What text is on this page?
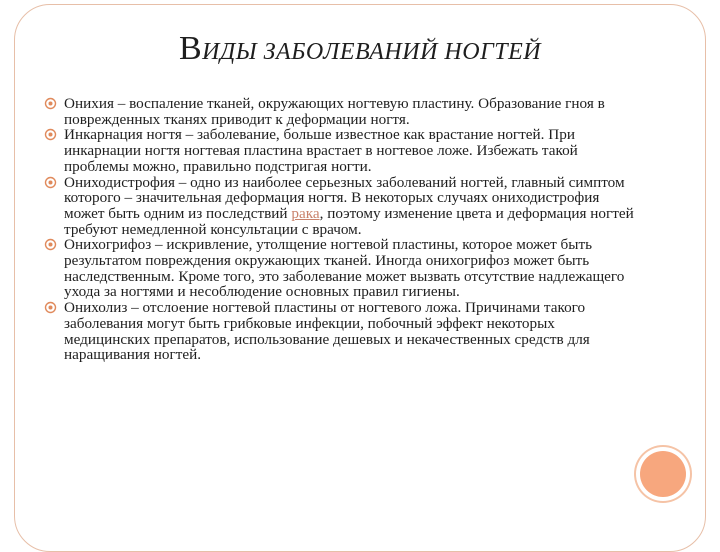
ВИДЫ ЗАБОЛЕВАНИЙ НОГТЕЙ
Онихия – воспаление тканей, окружающих ногтевую пластину. Образование гноя в поврежденных тканях приводит к деформации ногтя.
Инкарнация ногтя – заболевание, больше известное как врастание ногтей. При инкарнации ногтя ногтевая пластина врастает в ногтевое ложе. Избежать такой проблемы можно, правильно подстригая ногти.
Ониходистрофия – одно из наиболее серьезных заболеваний ногтей, главный симптом которого – значительная деформация ногтя. В некоторых случаях ониходистрофия может быть одним из последствий рака, поэтому изменение цвета и деформация ногтей требуют немедленной консультации с врачом.
Онихогрифоз – искривление, утолщение ногтевой пластины, которое может быть результатом повреждения окружающих тканей. Иногда онихогрифоз может быть наследственным. Кроме того, это заболевание может вызвать отсутствие надлежащего ухода за ногтями и несоблюдение основных правил гигиены.
Онихолиз – отслоение ногтевой пластины от ногтевого ложа. Причинами такого заболевания могут быть грибковые инфекции, побочный эффект некоторых медицинских препаратов, использование дешевых и некачественных средств для наращивания ногтей.
